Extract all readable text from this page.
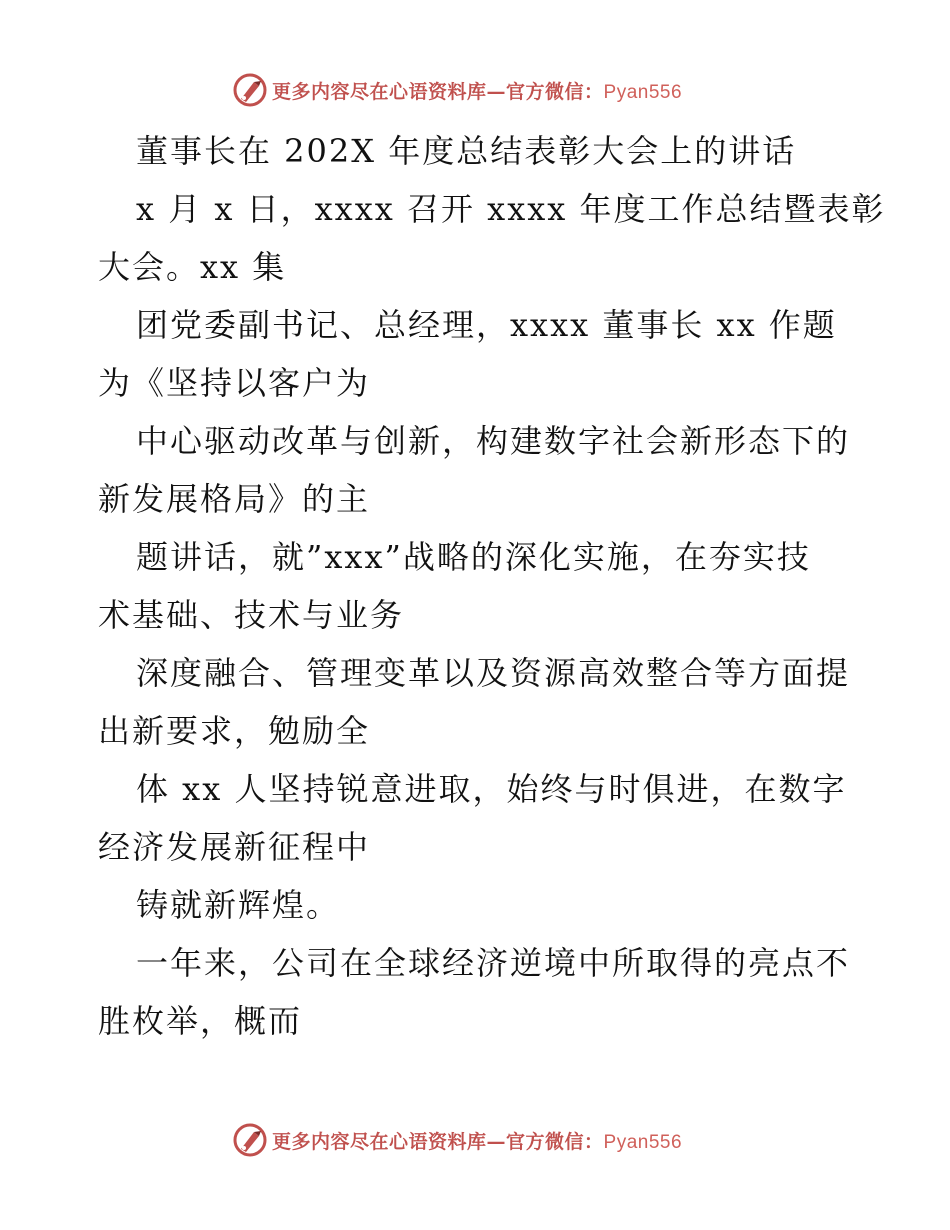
更多内容尽在心语资料库—官方微信：Pyan556

董事长在 202X 年度总结表彰大会上的讲话

x 月 x 日，xxxx 召开 xxxx 年度工作总结暨表彰

大会。xx 集

团党委副书记、总经理，xxxx 董事长 xx 作题

为《坚持以客户为

中心驱动改革与创新，构建数字社会新形态下的

新发展格局》的主

题讲话，就”xxx”战略的深化实施，在夯实技

术基础、技术与业务

深度融合、管理变革以及资源高效整合等方面提

出新要求，勉励全

体 xx 人坚持锐意进取，始终与时俱进，在数字

经济发展新征程中

铸就新辉煌。

一年来，公司在全球经济逆境中所取得的亮点不

胜枚举，概而

更多内容尽在心语资料库—官方微信：Pyan556
